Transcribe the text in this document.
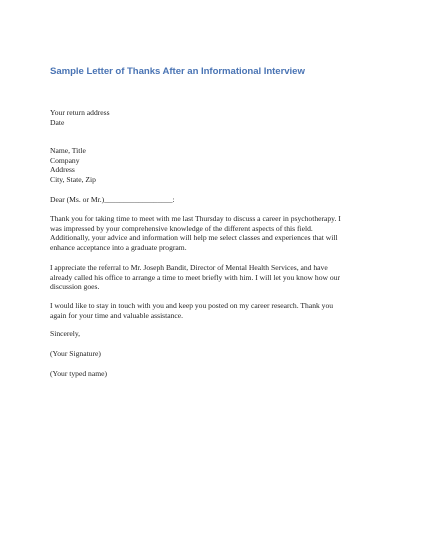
Sample Letter of Thanks After an Informational Interview
Your return address
Date
Name, Title
Company
Address
City, State, Zip
Dear (Ms. or Mr.)__________________:
Thank you for taking time to meet with me last Thursday to discuss a career in psychotherapy. I
was impressed by your comprehensive knowledge of the different aspects of this field.
Additionally, your advice and information will help me select classes and experiences that will
enhance acceptance into a graduate program.
I appreciate the referral to Mr. Joseph Bandit, Director of Mental Health Services, and have
already called his office to arrange a time to meet briefly with him. I will let you know how our
discussion goes.
I would like to stay in touch with you and keep you posted on my career research. Thank you
again for your time and valuable assistance.
Sincerely,
(Your Signature)
(Your typed name)
